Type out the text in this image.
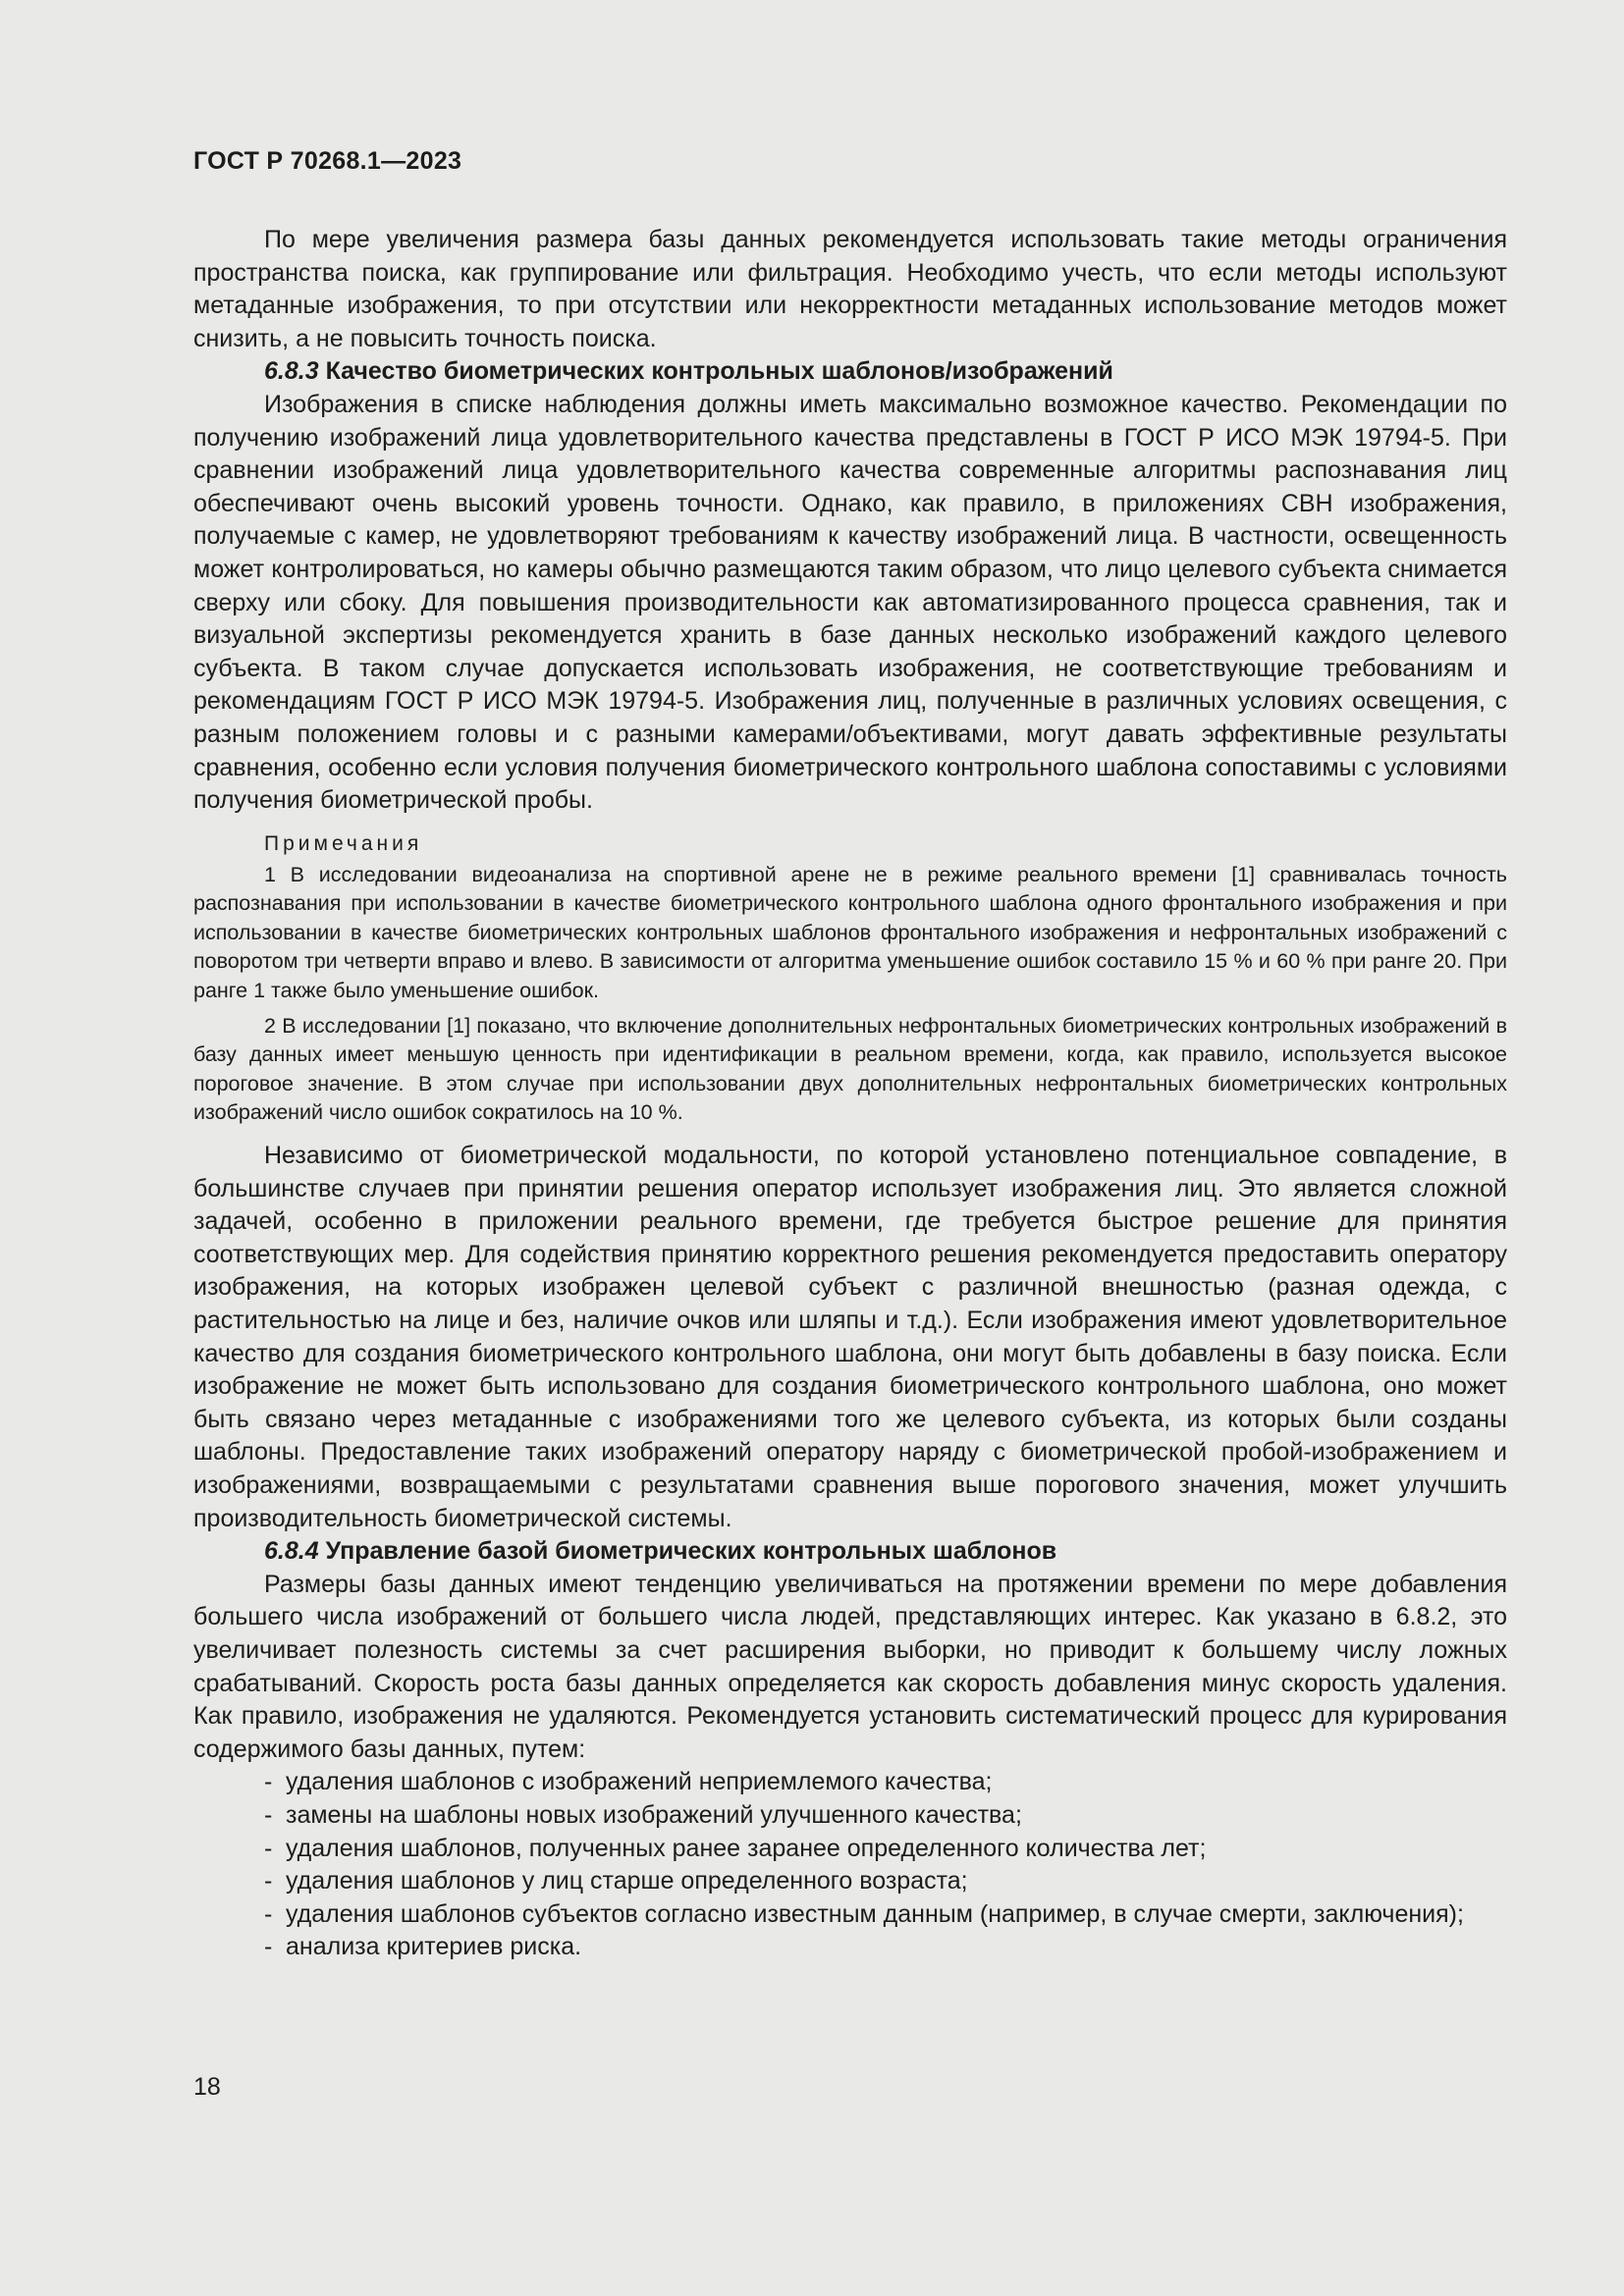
ГОСТ Р 70268.1—2023

По мере увеличения размера базы данных рекомендуется использовать такие методы ограничения пространства поиска, как группирование или фильтрация. Необходимо учесть, что если методы используют метаданные изображения, то при отсутствии или некорректности метаданных использование методов может снизить, а не повысить точность поиска.

6.8.3 Качество биометрических контрольных шаблонов/изображений

Изображения в списке наблюдения должны иметь максимально возможное качество. Рекомендации по получению изображений лица удовлетворительного качества представлены в ГОСТ Р ИСО МЭК 19794-5. При сравнении изображений лица удовлетворительного качества современные алгоритмы распознавания лиц обеспечивают очень высокий уровень точности. Однако, как правило, в приложениях СВН изображения, получаемые с камер, не удовлетворяют требованиям к качеству изображений лица. В частности, освещенность может контролироваться, но камеры обычно размещаются таким образом, что лицо целевого субъекта снимается сверху или сбоку. Для повышения производительности как автоматизированного процесса сравнения, так и визуальной экспертизы рекомендуется хранить в базе данных несколько изображений каждого целевого субъекта. В таком случае допускается использовать изображения, не соответствующие требованиям и рекомендациям ГОСТ Р ИСО МЭК 19794-5. Изображения лиц, полученные в различных условиях освещения, с разным положением головы и с разными камерами/объективами, могут давать эффективные результаты сравнения, особенно если условия получения биометрического контрольного шаблона сопоставимы с условиями получения биометрической пробы.

Примечания

1 В исследовании видеоанализа на спортивной арене не в режиме реального времени [1] сравнивалась точность распознавания при использовании в качестве биометрического контрольного шаблона одного фронтального изображения и при использовании в качестве биометрических контрольных шаблонов фронтального изображения и нефронтальных изображений с поворотом три четверти вправо и влево. В зависимости от алгоритма уменьшение ошибок составило 15 % и 60 % при ранге 20. При ранге 1 также было уменьшение ошибок.

2 В исследовании [1] показано, что включение дополнительных нефронтальных биометрических контрольных изображений в базу данных имеет меньшую ценность при идентификации в реальном времени, когда, как правило, используется высокое пороговое значение. В этом случае при использовании двух дополнительных нефронтальных биометрических контрольных изображений число ошибок сократилось на 10 %.

Независимо от биометрической модальности, по которой установлено потенциальное совпадение, в большинстве случаев при принятии решения оператор использует изображения лиц. Это является сложной задачей, особенно в приложении реального времени, где требуется быстрое решение для принятия соответствующих мер. Для содействия принятию корректного решения рекомендуется предоставить оператору изображения, на которых изображен целевой субъект с различной внешностью (разная одежда, с растительностью на лице и без, наличие очков или шляпы и т.д.). Если изображения имеют удовлетворительное качество для создания биометрического контрольного шаблона, они могут быть добавлены в базу поиска. Если изображение не может быть использовано для создания биометрического контрольного шаблона, оно может быть связано через метаданные с изображениями того же целевого субъекта, из которых были созданы шаблоны. Предоставление таких изображений оператору наряду с биометрической пробой-изображением и изображениями, возвращаемыми с результатами сравнения выше порогового значения, может улучшить производительность биометрической системы.

6.8.4 Управление базой биометрических контрольных шаблонов

Размеры базы данных имеют тенденцию увеличиваться на протяжении времени по мере добавления большего числа изображений от большего числа людей, представляющих интерес. Как указано в 6.8.2, это увеличивает полезность системы за счет расширения выборки, но приводит к большему числу ложных срабатываний. Скорость роста базы данных определяется как скорость добавления минус скорость удаления. Как правило, изображения не удаляются. Рекомендуется установить систематический процесс для курирования содержимого базы данных, путем:

- удаления шаблонов с изображений неприемлемого качества;
- замены на шаблоны новых изображений улучшенного качества;
- удаления шаблонов, полученных ранее заранее определенного количества лет;
- удаления шаблонов у лиц старше определенного возраста;
- удаления шаблонов субъектов согласно известным данным (например, в случае смерти, заключения);
- анализа критериев риска.
18
